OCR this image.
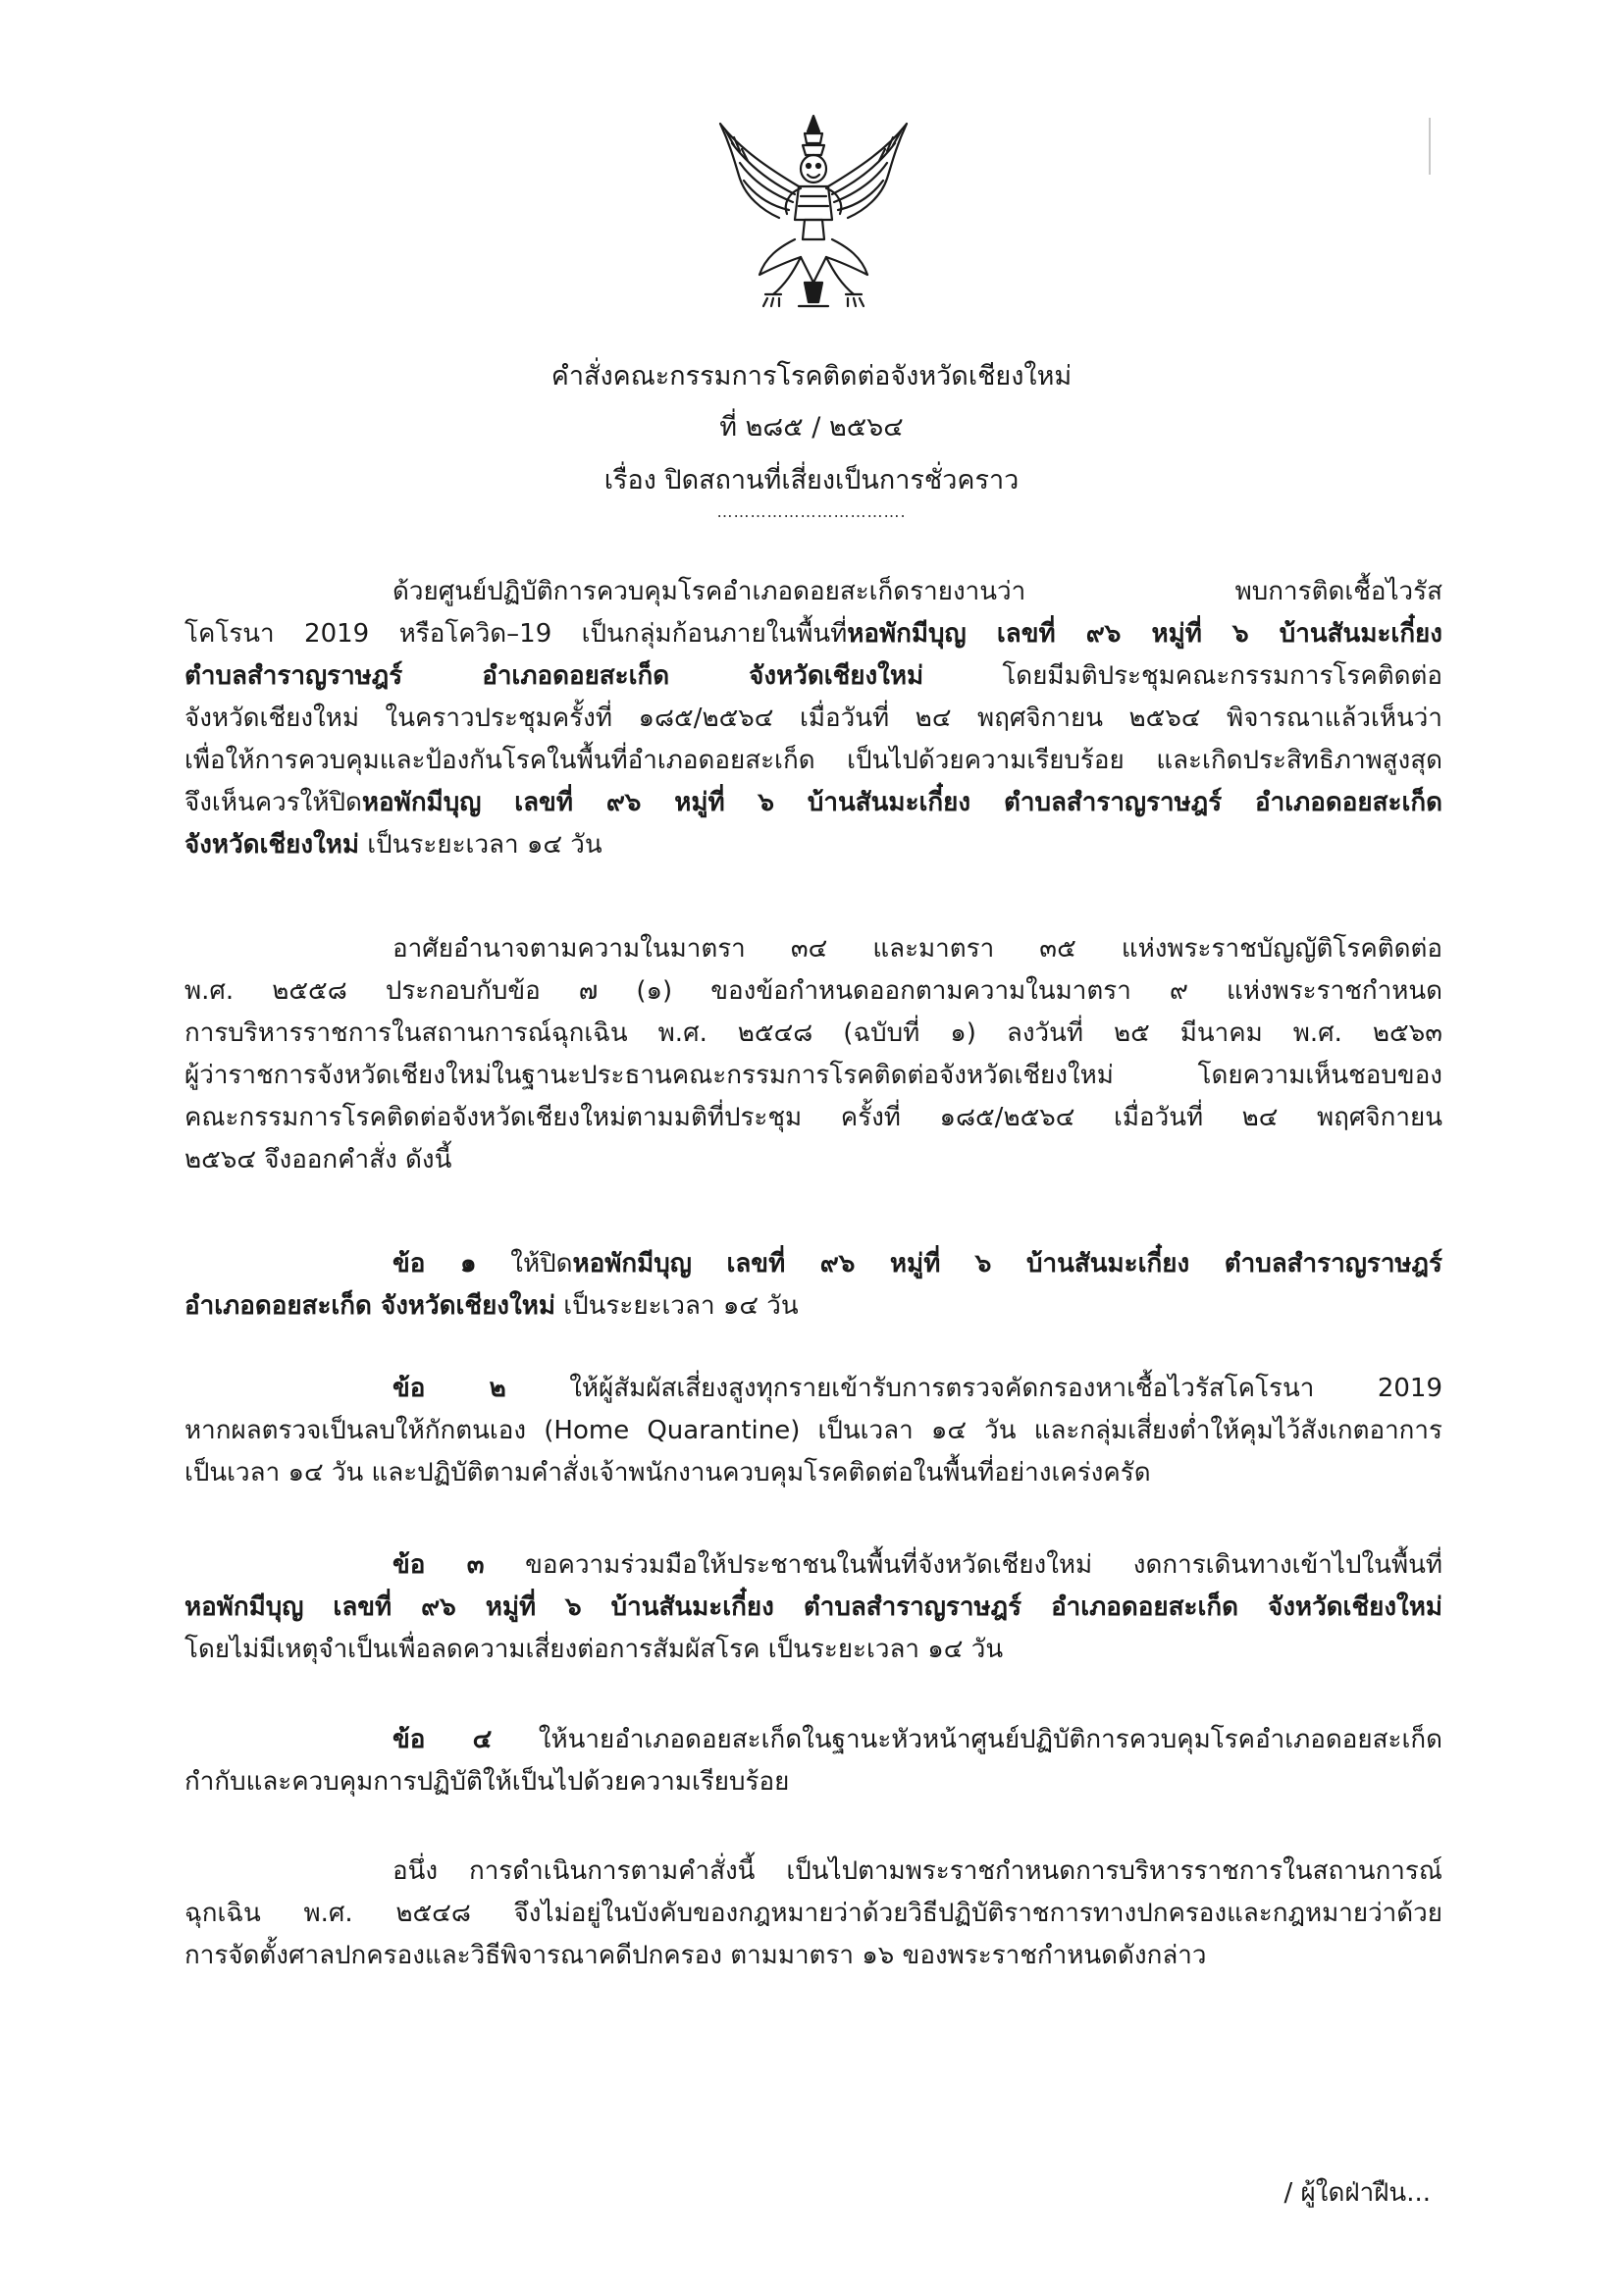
คำสั่งคณะกรรมการโรคติดต่อจังหวัดเชียงใหม่
ที่ ๒๘๕ / ๒๕๖๔
เรื่อง ปิดสถานที่เสี่ยงเป็นการชั่วคราว
…………………………….
ด้วยศูนย์ปฏิบัติการควบคุมโรคอำเภอดอยสะเก็ดรายงานว่า พบการติดเชื้อไวรัส
โคโรนา 2019 หรือโควิด–19 เป็นกลุ่มก้อนภายในพื้นที่หอพักมีบุญ เลขที่ ๙๖ หมู่ที่ ๖ บ้านสันมะเกี๋ยง
ตำบลสำราญราษฎร์ อำเภอดอยสะเก็ด จังหวัดเชียงใหม่ โดยมีมติประชุมคณะกรรมการโรคติดต่อ
จังหวัดเชียงใหม่ ในคราวประชุมครั้งที่ ๑๘๕/๒๕๖๔ เมื่อวันที่ ๒๔ พฤศจิกายน ๒๕๖๔ พิจารณาแล้วเห็นว่า
เพื่อให้การควบคุมและป้องกันโรคในพื้นที่อำเภอดอยสะเก็ด เป็นไปด้วยความเรียบร้อย และเกิดประสิทธิภาพสูงสุด
จึงเห็นควรให้ปิดหอพักมีบุญ เลขที่ ๙๖ หมู่ที่ ๖ บ้านสันมะเกี๋ยง ตำบลสำราญราษฎร์ อำเภอดอยสะเก็ด
จังหวัดเชียงใหม่ เป็นระยะเวลา ๑๔ วัน
อาศัยอำนาจตามความในมาตรา ๓๔ และมาตรา ๓๕ แห่งพระราชบัญญัติโรคติดต่อ
พ.ศ. ๒๕๕๘ ประกอบกับข้อ ๗ (๑) ของข้อกำหนดออกตามความในมาตรา ๙ แห่งพระราชกำหนด
การบริหารราชการในสถานการณ์ฉุกเฉิน พ.ศ. ๒๕๔๘ (ฉบับที่ ๑) ลงวันที่ ๒๕ มีนาคม พ.ศ. ๒๕๖๓
ผู้ว่าราชการจังหวัดเชียงใหม่ในฐานะประธานคณะกรรมการโรคติดต่อจังหวัดเชียงใหม่ โดยความเห็นชอบของ
คณะกรรมการโรคติดต่อจังหวัดเชียงใหม่ตามมติที่ประชุม ครั้งที่ ๑๘๕/๒๕๖๔ เมื่อวันที่ ๒๔ พฤศจิกายน
๒๕๖๔ จึงออกคำสั่ง ดังนี้
ข้อ ๑ ให้ปิดหอพักมีบุญ เลขที่ ๙๖ หมู่ที่ ๖ บ้านสันมะเกี๋ยง ตำบลสำราญราษฎร์
อำเภอดอยสะเก็ด จังหวัดเชียงใหม่ เป็นระยะเวลา ๑๔ วัน
ข้อ ๒ ให้ผู้สัมผัสเสี่ยงสูงทุกรายเข้ารับการตรวจคัดกรองหาเชื้อไวรัสโคโรนา 2019
หากผลตรวจเป็นลบให้กักตนเอง (Home Quarantine) เป็นเวลา ๑๔ วัน และกลุ่มเสี่ยงต่ำให้คุมไว้สังเกตอาการ
เป็นเวลา ๑๔ วัน และปฏิบัติตามคำสั่งเจ้าพนักงานควบคุมโรคติดต่อในพื้นที่อย่างเคร่งครัด
ข้อ ๓ ขอความร่วมมือให้ประชาชนในพื้นที่จังหวัดเชียงใหม่ งดการเดินทางเข้าไปในพื้นที่
หอพักมีบุญ เลขที่ ๙๖ หมู่ที่ ๖ บ้านสันมะเกี๋ยง ตำบลสำราญราษฎร์ อำเภอดอยสะเก็ด จังหวัดเชียงใหม่
โดยไม่มีเหตุจำเป็นเพื่อลดความเสี่ยงต่อการสัมผัสโรค เป็นระยะเวลา ๑๔ วัน
ข้อ ๔ ให้นายอำเภอดอยสะเก็ดในฐานะหัวหน้าศูนย์ปฏิบัติการควบคุมโรคอำเภอดอยสะเก็ด
กำกับและควบคุมการปฏิบัติให้เป็นไปด้วยความเรียบร้อย
อนึ่ง การดำเนินการตามคำสั่งนี้ เป็นไปตามพระราชกำหนดการบริหารราชการในสถานการณ์
ฉุกเฉิน พ.ศ. ๒๕๔๘ จึงไม่อยู่ในบังคับของกฎหมายว่าด้วยวิธีปฏิบัติราชการทางปกครองและกฎหมายว่าด้วย
การจัดตั้งศาลปกครองและวิธีพิจารณาคดีปกครอง ตามมาตรา ๑๖ ของพระราชกำหนดดังกล่าว
/ ผู้ใดฝ่าฝืน...
